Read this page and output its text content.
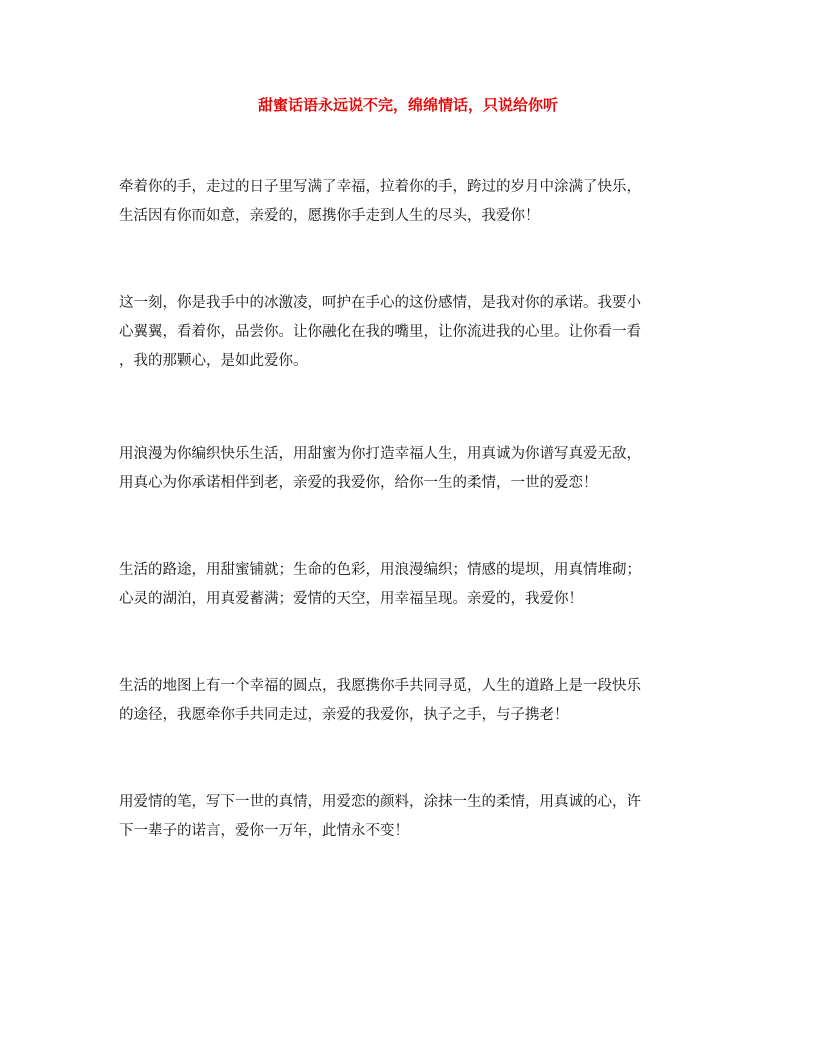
甜蜜话语永远说不完，绵绵情话，只说给你听
牵着你的手，走过的日子里写满了幸福，拉着你的手，跨过的岁月中涂满了快乐，
生活因有你而如意，亲爱的，愿携你手走到人生的尽头，我爱你！
这一刻，你是我手中的冰激凌，呵护在手心的这份感情，是我对你的承诺。我要小
心翼翼，看着你，品尝你。让你融化在我的嘴里，让你流进我的心里。让你看一看
，我的那颗心，是如此爱你。
用浪漫为你编织快乐生活，用甜蜜为你打造幸福人生，用真诚为你谱写真爱无敌，
用真心为你承诺相伴到老，亲爱的我爱你，给你一生的柔情，一世的爱恋！
生活的路途，用甜蜜铺就；生命的色彩，用浪漫编织；情感的堤坝，用真情堆砌；
心灵的湖泊，用真爱蓄满；爱情的天空，用幸福呈现。亲爱的，我爱你！
生活的地图上有一个幸福的圆点，我愿携你手共同寻觅，人生的道路上是一段快乐
的途径，我愿牵你手共同走过，亲爱的我爱你，执子之手，与子携老！
用爱情的笔，写下一世的真情，用爱恋的颜料，涂抹一生的柔情，用真诚的心，许
下一辈子的诺言，爱你一万年，此情永不变！
